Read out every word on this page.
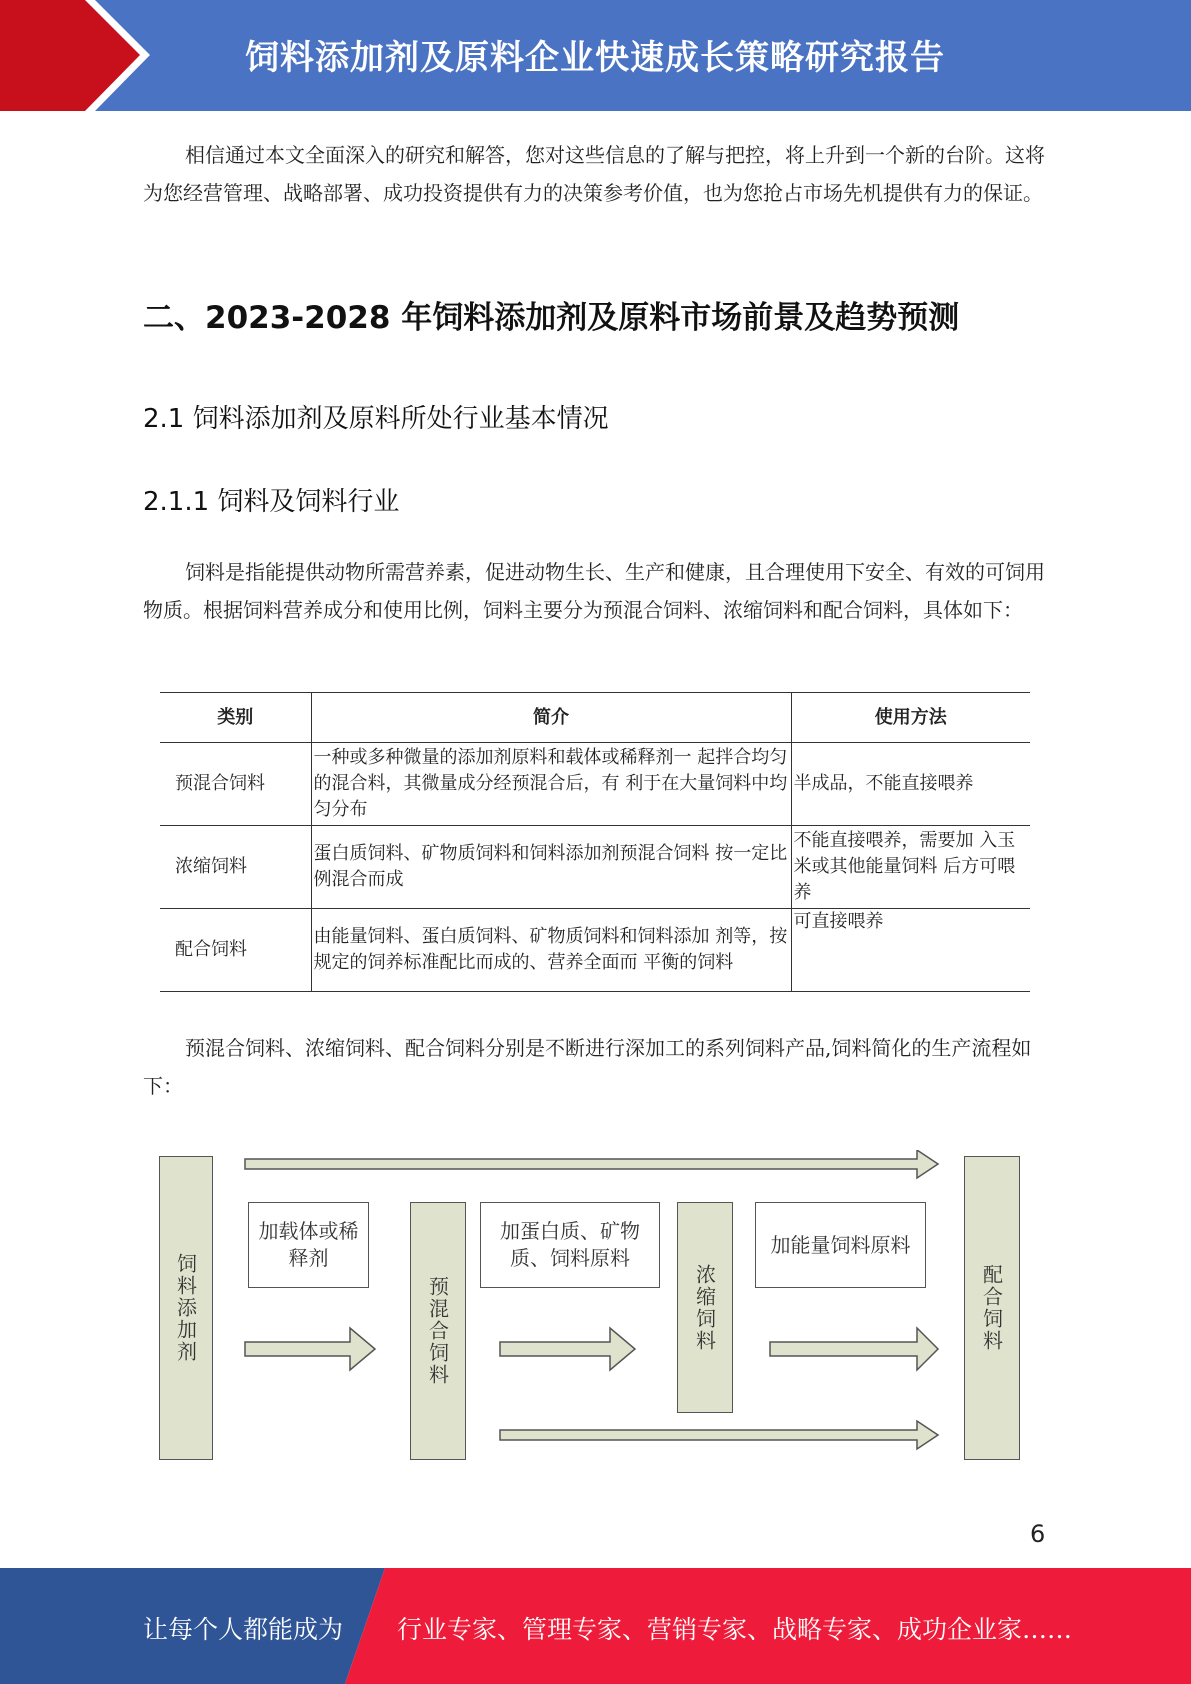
饲料添加剂及原料企业快速成长策略研究报告

相信通过本文全面深入的研究和解答，您对这些信息的了解与把控，将上升到一个新的台阶。这将为您经营管理、战略部署、成功投资提供有力的决策参考价值，也为您抢占市场先机提供有力的保证。

二、2023-2028 年饲料添加剂及原料市场前景及趋势预测
2.1 饲料添加剂及原料所处行业基本情况
2.1.1 饲料及饲料行业

饲料是指能提供动物所需营养素，促进动物生长、生产和健康，且合理使用下安全、有效的可饲用物质。根据饲料营养成分和使用比例，饲料主要分为预混合饲料、浓缩饲料和配合饲料，具体如下：

类别	简介	使用方法
预混合饲料	一种或多种微量的添加剂原料和载体或稀释剂一 起拌合均匀的混合料，其微量成分经预混合后，有 利于在大量饲料中均匀分布	半成品，不能直接喂养
浓缩饲料	蛋白质饲料、矿物质饲料和饲料添加剂预混合饲料 按一定比例混合而成	不能直接喂养，需要加 入玉米或其他能量饲料 后方可喂养
配合饲料	由能量饲料、蛋白质饲料、矿物质饲料和饲料添加 剂等，按规定的饲养标准配比而成的、营养全面而 平衡的饲料	可直接喂养

预混合饲料、浓缩饲料、配合饲料分别是不断进行深加工的系列饲料产品,饲料简化的生产流程如下：

饲料添加剂
加载体或稀释剂
预混合饲料
加蛋白质、矿物质、饲料原料
浓缩饲料
加能量饲料原料
配合饲料
6
让每个人都能成为 行业专家、管理专家、营销专家、战略专家、成功企业家……
